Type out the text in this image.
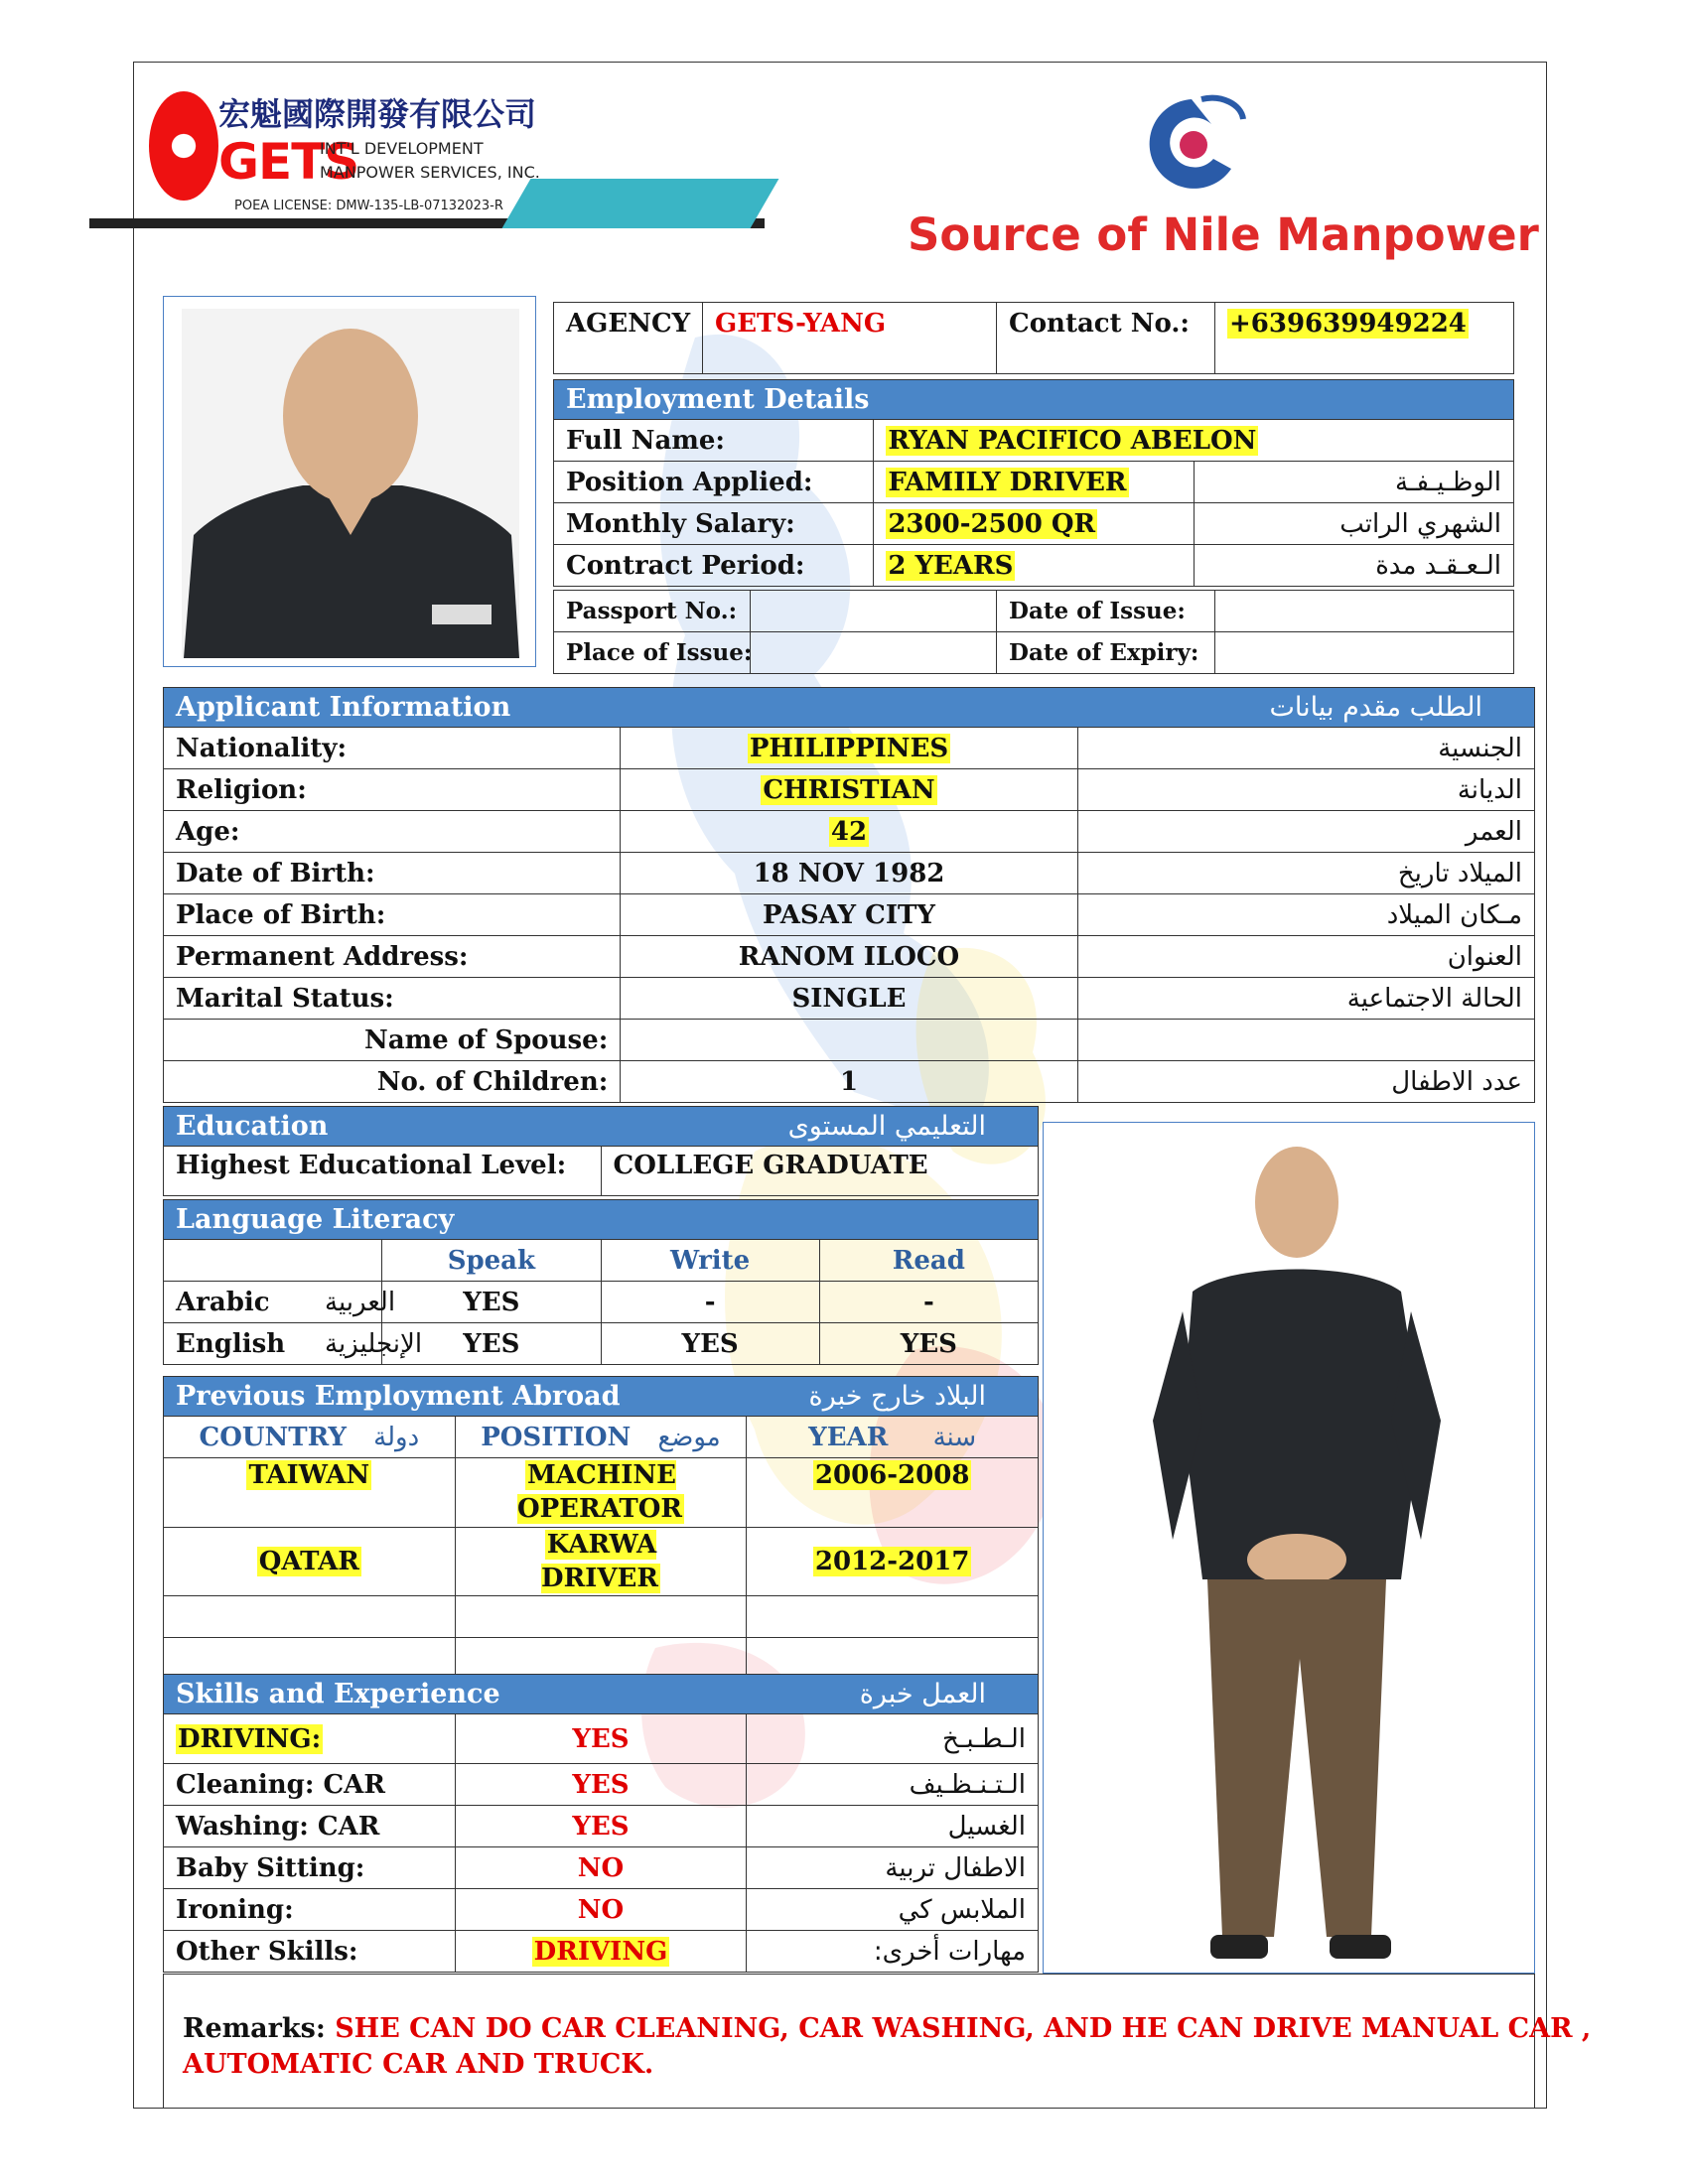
宏魁國際開發有限公司
GETS
INT'L DEVELOPMENT
MANPOWER SERVICES, INC.
POEA LICENSE: DMW-135-LB-07132023-R
Source of Nile Manpower
AGENCY	GETS-YANG	Contact No.:	+639639949224
Employment Details		
Full Name:	RYAN PACIFICO ABELON	
Position Applied:	FAMILY DRIVER	الوظـيـفـة
Monthly Salary:	2300-2500 QR	الشهري الراتب
Contract Period:	2 YEARS	الـعـقـد مدة
Passport No.:		Date of Issue:	
Place of Issue:		Date of Expiry:	
Applicant Information الطلب مقدم بيانات		

Nationality:	PHILIPPINES	الجنسية
Religion:	CHRISTIAN	الديانة
Age:	42	العمر
Date of Birth:	18 NOV 1982	الميلاد تاريخ
Place of Birth:	PASAY CITY	مـكان الميلاد
Permanent Address:	RANOM ILOCO	العنوان
Marital Status:	SINGLE	الحالة الاجتماعية
Name of Spouse:		
No. of Children:	1	عدد الاطفال
Education	التعليمي المستوى

Highest Educational Level:	COLLEGE GRADUATE
Language Literacy			
	Speak	Write	Read
Arabic العربية	YES	-	-
English الإنجليزية	YES	YES	YES
Previous Employment Abroad البلاد خارج خبرة		

COUNTRY دولة	POSITION موضع	YEAR سنة
TAIWAN	MACHINE OPERATOR	2006-2008
QATAR	KARWA DRIVER	2012-2017

Skills and Experience العمل خبرة		

DRIVING:	YES	الـطـبـخ
Cleaning: CAR	YES	الـتـنـظـيف
Washing: CAR	YES	الغسيل
Baby Sitting:	NO	الاطفال تربية
Ironing:	NO	الملابس كي
Other Skills:	DRIVING	مهارات أخرى:
Remarks: SHE CAN DO CAR CLEANING, CAR WASHING, AND HE CAN DRIVE MANUAL CAR ,
AUTOMATIC CAR AND TRUCK.
